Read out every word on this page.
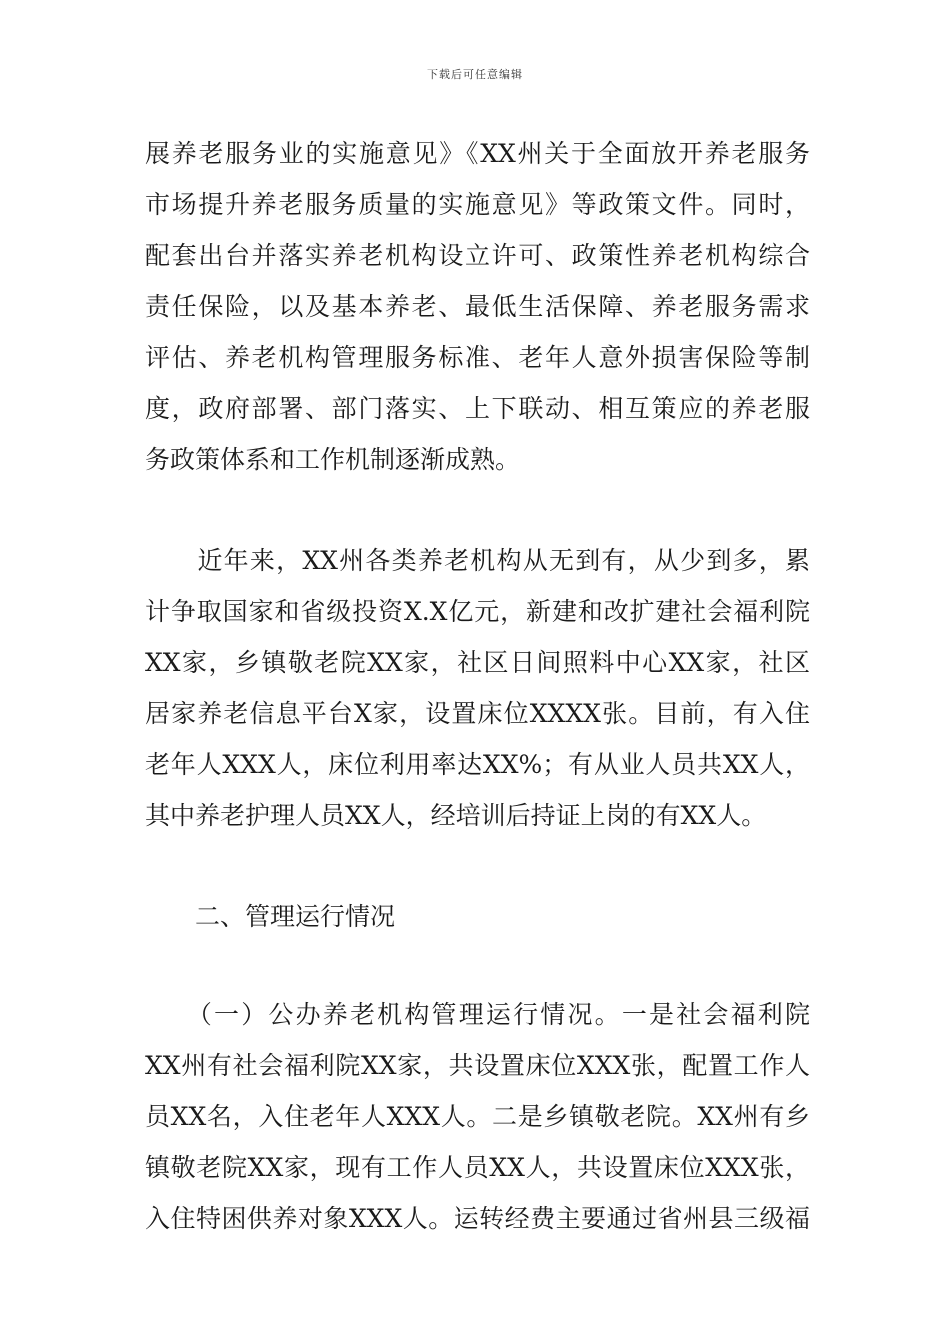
下载后可任意编辑
展养老服务业的实施意见》《XX州关于全面放开养老服务
市场提升养老服务质量的实施意见》等政策文件。同时，
配套出台并落实养老机构设立许可、政策性养老机构综合
责任保险，以及基本养老、最低生活保障、养老服务需求
评估、养老机构管理服务标准、老年人意外损害保险等制
度，政府部署、部门落实、上下联动、相互策应的养老服
务政策体系和工作机制逐渐成熟。
　　近年来，XX州各类养老机构从无到有，从少到多，累
计争取国家和省级投资X.X亿元，新建和改扩建社会福利院
XX家，乡镇敬老院XX家，社区日间照料中心XX家，社区
居家养老信息平台X家，设置床位XXXX张。目前，有入住
老年人XXX人，床位利用率达XX%；有从业人员共XX人，
其中养老护理人员XX人，经培训后持证上岗的有XX人。
　　二、管理运行情况
　　（一）公办养老机构管理运行情况。一是社会福利院
XX州有社会福利院XX家，共设置床位XXX张，配置工作人
员XX名，入住老年人XXX人。二是乡镇敬老院。XX州有乡
镇敬老院XX家，现有工作人员XX人，共设置床位XXX张，
入住特困供养对象XXX人。运转经费主要通过省州县三级福
